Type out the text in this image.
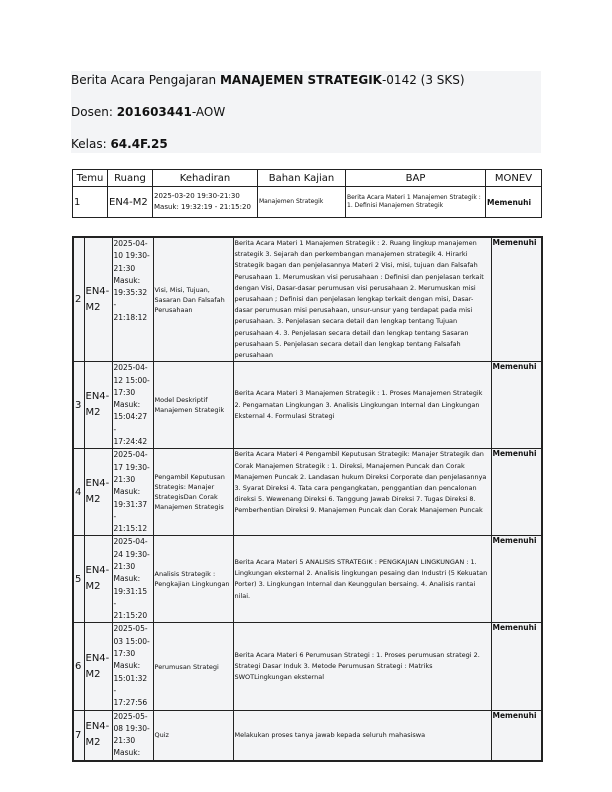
Berita Acara Pengajaran MANAJEMEN STRATEGIK-0142 (3 SKS)
Dosen: 201603441-AOW
Kelas: 64.4F.25
Temu	Ruang	Kehadiran	Bahan Kajian	BAP	MONEV
1	EN4-M2	2025-03-20 19:30-21:30 Masuk: 19:32:19 - 21:15:20	Manajemen Strategik	Berita Acara Materi 1 Manajemen Strategik : 1. Definisi Manajemen Strategik	Memenuhi
2	EN4-M2	2025-04-10 19:30-21:30 Masuk: 19:35:32 - 21:18:12	Visi, Misi, Tujuan, Sasaran Dan Falsafah Perusahaan	Berita Acara Materi 1 Manajemen Strategik : 2. Ruang lingkup manajemen strategik 3. Sejarah dan perkembangan manajemen strategik 4. Hirarki Strategik bagan dan penjelasannya Materi 2 Visi, misi, tujuan dan Falsafah Perusahaan 1. Merumuskan visi perusahaan : Definisi dan penjelasan terkait dengan Visi, Dasar-dasar perumusan visi perusahaan 2. Merumuskan misi perusahaan ; Definisi dan penjelasan lengkap terkait dengan misi, Dasar-dasar perumusan misi perusahaan, unsur-unsur yang terdapat pada misi perusahaan. 3. Penjelasan secara detail dan lengkap tentang Tujuan perusahaan 4. 3. Penjelasan secara detail dan lengkap tentang Sasaran perusahaan 5. Penjelasan secara detail dan lengkap tentang Falsafah perusahaan	Memenuhi
3	EN4-M2	2025-04-12 15:00-17:30 Masuk: 15:04:27 - 17:24:42	Model Deskriptif Manajemen Strategik	Berita Acara Materi 3 Manajemen Strategik : 1. Proses Manajemen Strategik 2. Pengamatan Lingkungan 3. Analisis Lingkungan Internal dan Lingkungan Eksternal 4. Formulasi Strategi	Memenuhi
4	EN4-M2	2025-04-17 19:30-21:30 Masuk: 19:31:37 - 21:15:12	Pengambil Keputusan Strategis: Manajer StrategisDan Corak Manajemen Strategis	Berita Acara Materi 4 Pengambil Keputusan Strategik: Manajer Strategik dan Corak Manajemen Strategik : 1. Direksi, Manajemen Puncak dan Corak Manajemen Puncak 2. Landasan hukum Direksi Corporate dan penjelasannya 3. Syarat Direksi 4. Tata cara pengangkatan, penggantian dan pencalonan direksi 5. Wewenang Direksi 6. Tanggung Jawab Direksi 7. Tugas Direksi 8. Pemberhentian Direksi 9. Manajemen Puncak dan Corak Manajemen Puncak	Memenuhi
5	EN4-M2	2025-04-24 19:30-21:30 Masuk: 19:31:15 - 21:15:20	Analisis Strategik : Pengkajian Lingkungan	Berita Acara Materi 5 ANALISIS STRATEGIK : PENGKAJIAN LINGKUNGAN : 1. Lingkungan eksternal 2. Analisis lingkungan pesaing dan Industri (5 Kekuatan Porter) 3. Lingkungan Internal dan Keunggulan bersaing. 4. Analisis rantai nilai.	Memenuhi
6	EN4-M2	2025-05-03 15:00-17:30 Masuk: 15:01:32 - 17:27:56	Perumusan Strategi	Berita Acara Materi 6 Perumusan Strategi : 1. Proses perumusan strategi 2. Strategi Dasar Induk 3. Metode Perumusan Strategi : Matriks SWOTLingkungan eksternal	Memenuhi
7	EN4-M2	2025-05-08 19:30-21:30 Masuk:	Quiz	Melakukan proses tanya jawab kepada seluruh mahasiswa	Memenuhi
